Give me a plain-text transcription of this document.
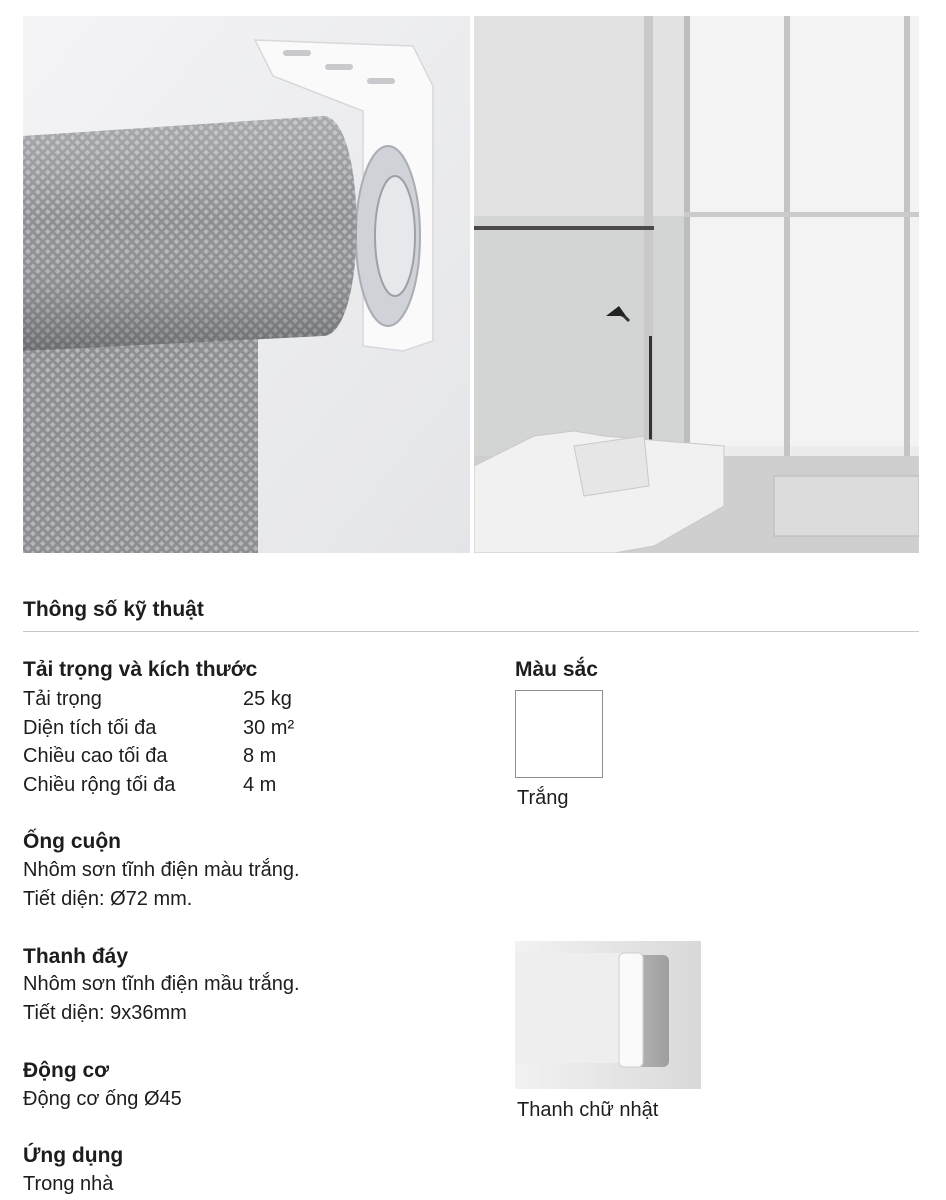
Thông số kỹ thuật
Tải trọng và kích thước
Tải trọng	25 kg
Diện tích tối đa	30 m²
Chiều cao tối đa	8 m
Chiều rộng tối đa	4 m
Ống cuộn
Nhôm sơn tĩnh điện màu trắng.
Tiết diện: Ø72 mm.
Thanh đáy
Nhôm sơn tĩnh điện mầu trắng.
Tiết diện: 9x36mm
Động cơ
Động cơ ống Ø45
Ứng dụng
Trong nhà
Màu sắc
Trắng
Thanh chữ nhật
